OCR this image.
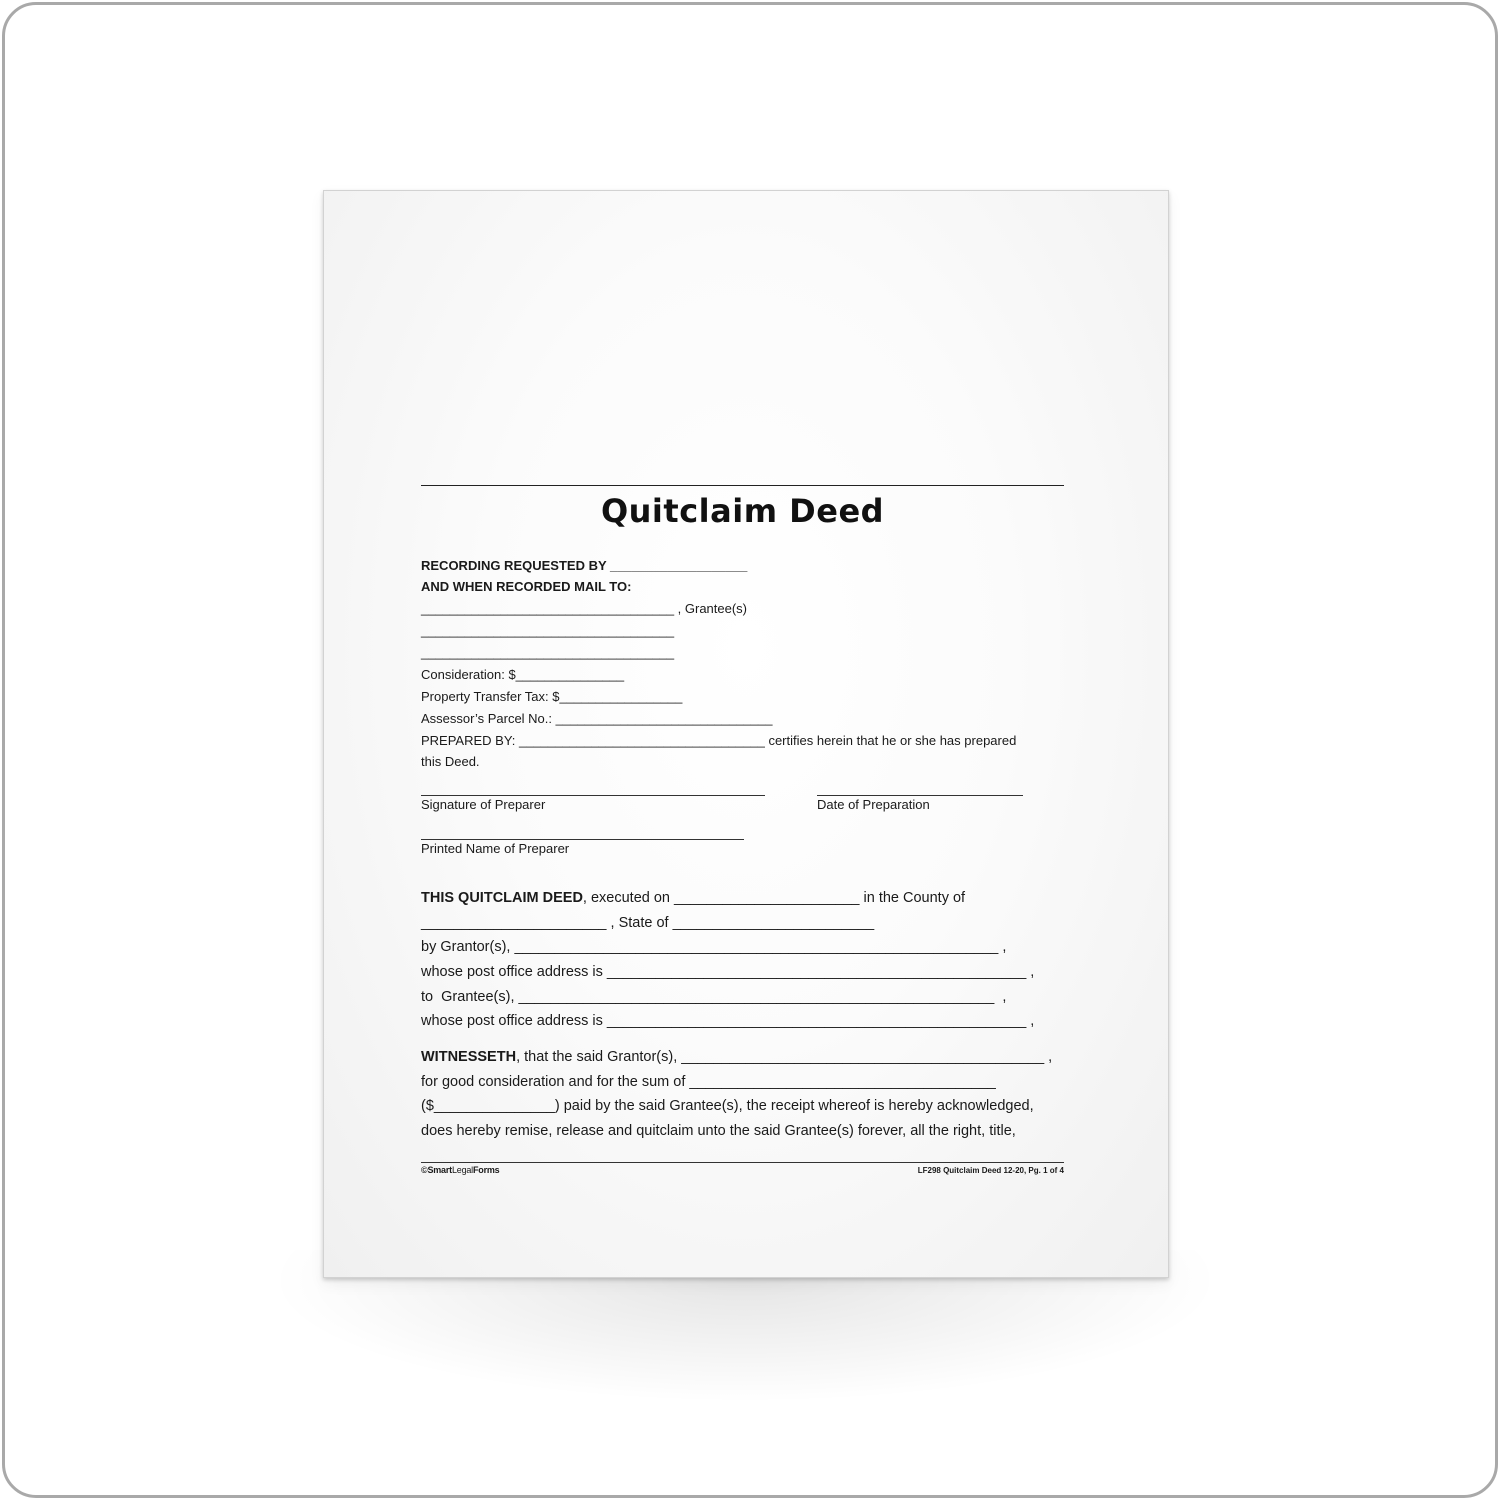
Quitclaim Deed
RECORDING REQUESTED BY ___________________
AND WHEN RECORDED MAIL TO:
___________________________________ , Grantee(s)
___________________________________
___________________________________
Consideration: $_______________
Property Transfer Tax: $_________________
Assessor’s Parcel No.: ______________________________
PREPARED BY: __________________________________ certifies herein that he or she has prepared
this Deed.
Signature of Preparer	Date of Preparation
Printed Name of Preparer
THIS QUITCLAIM DEED, executed on _______________________ in the County of
_______________________ , State of _________________________
by Grantor(s), ____________________________________________________________ ,
whose post office address is ____________________________________________________ ,
to  Grantee(s), ___________________________________________________________  ,
whose post office address is ____________________________________________________ ,
WITNESSETH, that the said Grantor(s), _____________________________________________ ,
for good consideration and for the sum of ______________________________________
($_______________) paid by the said Grantee(s), the receipt whereof is hereby acknowledged,
does hereby remise, release and quitclaim unto the said Grantee(s) forever, all the right, title,
©SmartLegalForms	LF298 Quitclaim Deed 12-20, Pg. 1 of 4
